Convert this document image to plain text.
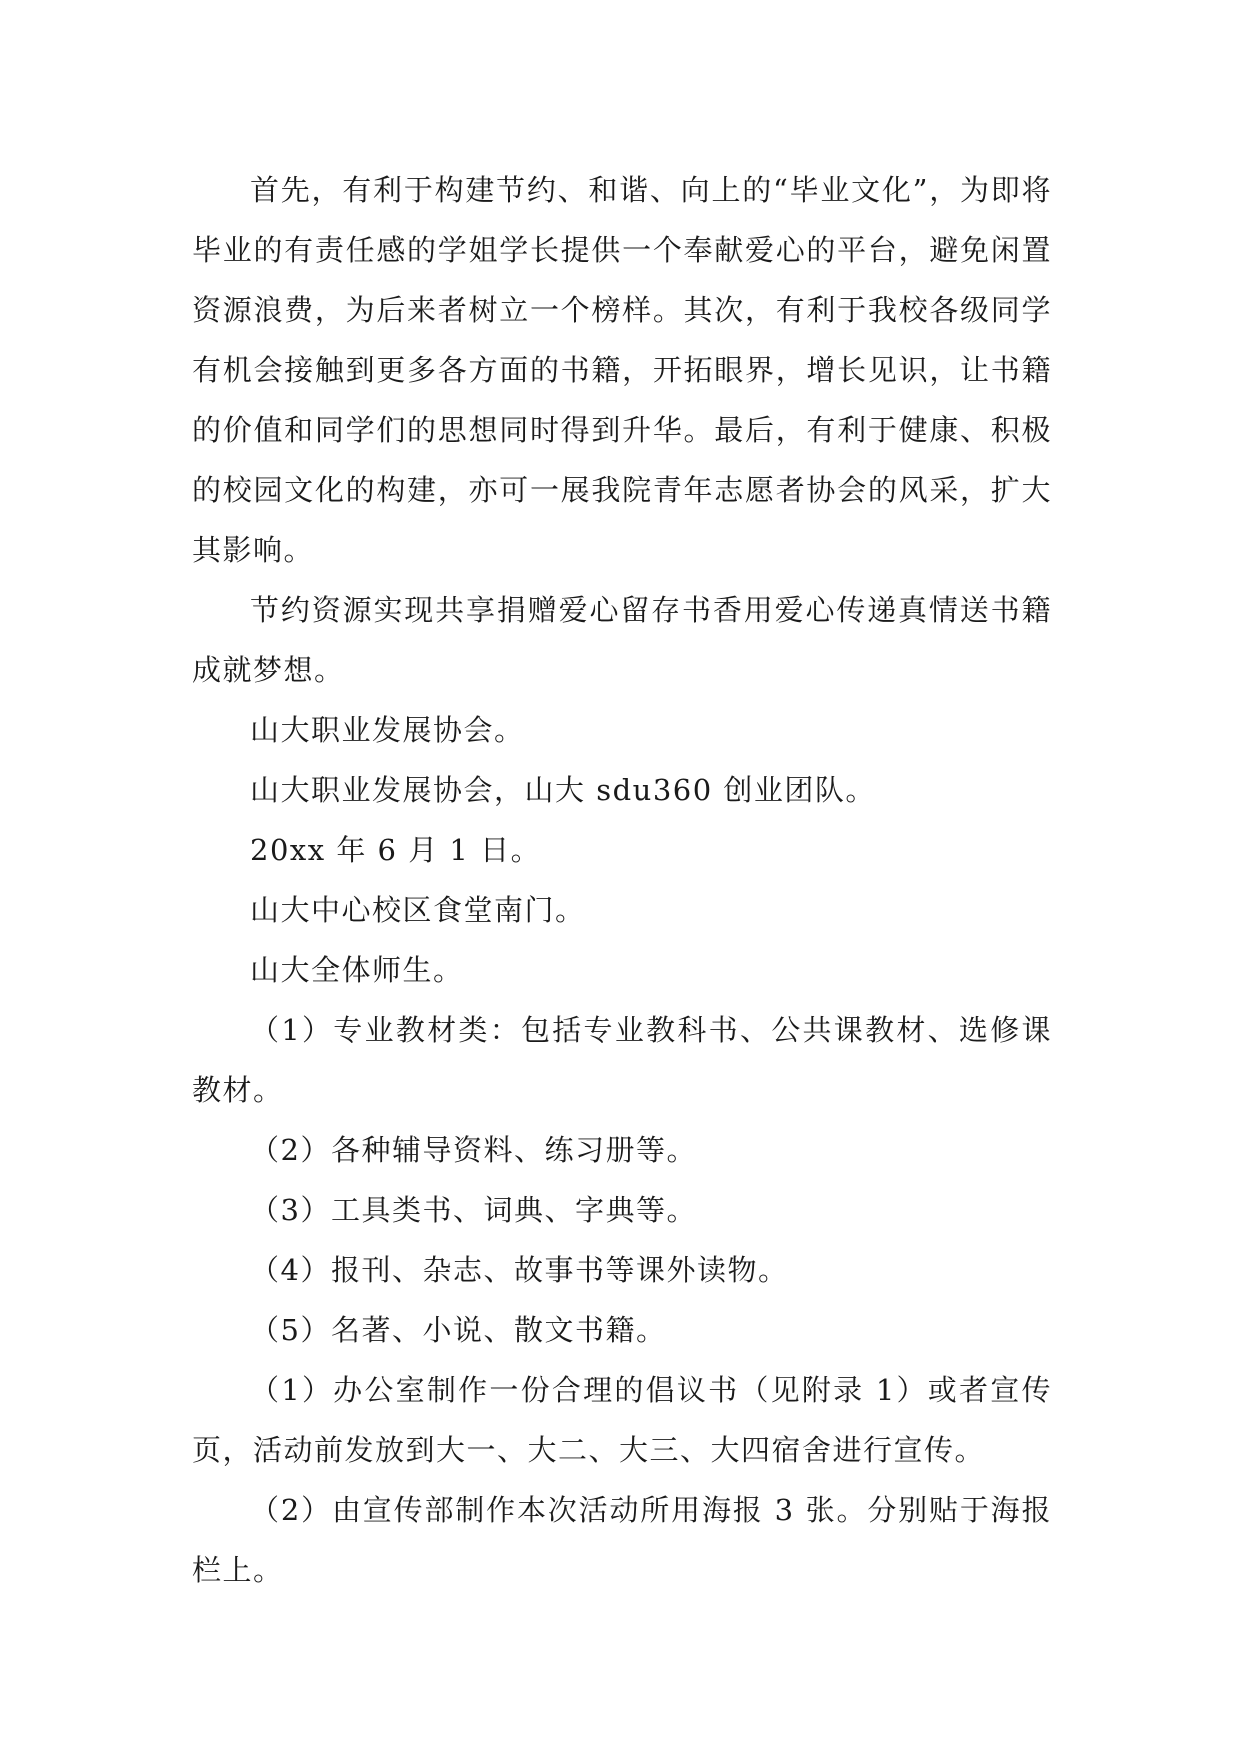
首先，有利于构建节约、和谐、向上的“毕业文化”，为即将毕业的有责任感的学姐学长提供一个奉献爱心的平台，避免闲置资源浪费，为后来者树立一个榜样。其次，有利于我校各级同学有机会接触到更多各方面的书籍，开拓眼界，增长见识，让书籍的价值和同学们的思想同时得到升华。最后，有利于健康、积极的校园文化的构建，亦可一展我院青年志愿者协会的风采，扩大其影响。

节约资源实现共享捐赠爱心留存书香用爱心传递真情送书籍成就梦想。

山大职业发展协会。

山大职业发展协会，山大 sdu360 创业团队。

20xx 年 6 月 1 日。

山大中心校区食堂南门。

山大全体师生。

（1）专业教材类：包括专业教科书、公共课教材、选修课教材。

（2）各种辅导资料、练习册等。

（3）工具类书、词典、字典等。

（4）报刊、杂志、故事书等课外读物。

（5）名著、小说、散文书籍。

（1）办公室制作一份合理的倡议书（见附录 1）或者宣传页，活动前发放到大一、大二、大三、大四宿舍进行宣传。

（2）由宣传部制作本次活动所用海报 3 张。分别贴于海报栏上。
